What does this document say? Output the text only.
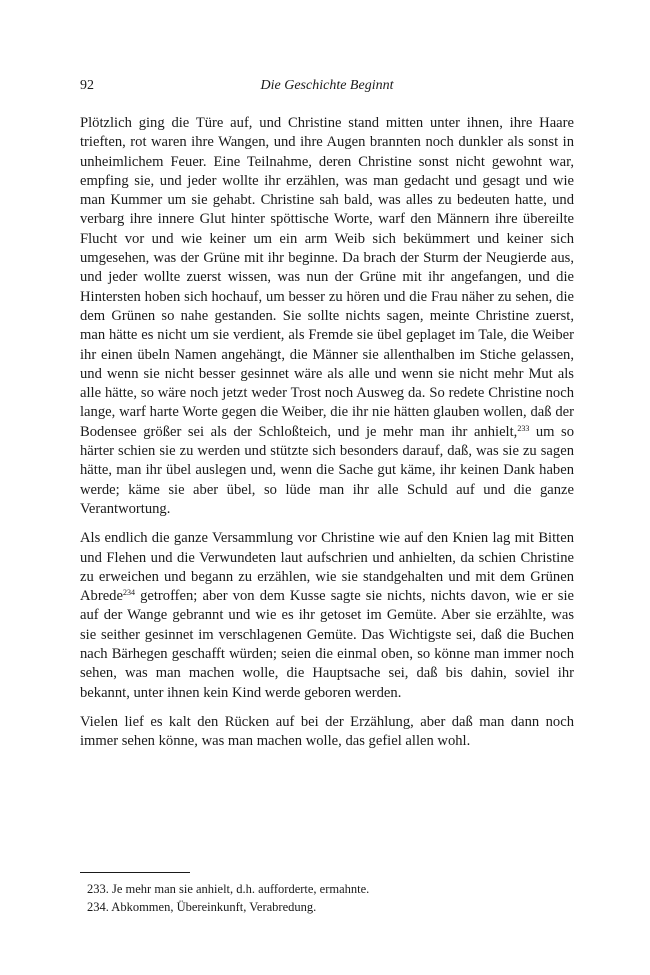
92	Die Geschichte Beginnt

Plötzlich ging die Türe auf, und Christine stand mitten unter ihnen, ihre Haare trieften, rot waren ihre Wangen, und ihre Augen brannten noch dunkler als sonst in unheimlichem Feuer. Eine Teilnahme, deren Christine sonst nicht gewohnt war, empfing sie, und jeder wollte ihr erzählen, was man gedacht und gesagt und wie man Kummer um sie gehabt. Christine sah bald, was alles zu bedeuten hatte, und verbarg ihre innere Glut hinter spöttische Worte, warf den Männern ihre übereilte Flucht vor und wie keiner um ein arm Weib sich bekümmert und keiner sich umgesehen, was der Grüne mit ihr beginne. Da brach der Sturm der Neugierde aus, und jeder wollte zuerst wissen, was nun der Grüne mit ihr angefangen, und die Hintersten hoben sich hochauf, um besser zu hören und die Frau näher zu sehen, die dem Grünen so nahe gestanden. Sie sollte nichts sagen, meinte Christine zuerst, man hätte es nicht um sie verdient, als Fremde sie übel geplaget im Tale, die Weiber ihr einen übeln Namen angehängt, die Männer sie allenthalben im Stiche gelassen, und wenn sie nicht besser gesinnet wäre als alle und wenn sie nicht mehr Mut als alle hätte, so wäre noch jetzt weder Trost noch Ausweg da. So redete Christine noch lange, warf harte Worte gegen die Weiber, die ihr nie hätten glauben wollen, daß der Bodensee größer sei als der Schloßteich, und je mehr man ihr anhielt,$^{233}$ um so härter schien sie zu werden und stützte sich besonders darauf, daß, was sie zu sagen hätte, man ihr übel auslegen und, wenn die Sache gut käme, ihr keinen Dank haben werde; käme sie aber übel, so lüde man ihr alle Schuld auf und die ganze Verantwortung.

Als endlich die ganze Versammlung vor Christine wie auf den Knien lag mit Bitten und Flehen und die Verwundeten laut aufschrien und anhielten, da schien Christine zu erweichen und begann zu erzählen, wie sie standgehalten und mit dem Grünen Abrede$^{234}$ getroffen; aber von dem Kusse sagte sie nichts, nichts davon, wie er sie auf der Wange gebrannt und wie es ihr getoset im Gemüte. Aber sie erzählte, was sie seither gesinnet im verschlagenen Gemüte. Das Wichtigste sei, daß die Buchen nach Bärhegen geschafft würden; seien die einmal oben, so könne man immer noch sehen, was man machen wolle, die Hauptsache sei, daß bis dahin, soviel ihr bekannt, unter ihnen kein Kind werde geboren werden.

Vielen lief es kalt den Rücken auf bei der Erzählung, aber daß man dann noch immer sehen könne, was man machen wolle, das gefiel allen wohl.

233. Je mehr man sie anhielt, d.h. aufforderte, ermahnte.

234. Abkommen, Übereinkunft, Verabredung.
